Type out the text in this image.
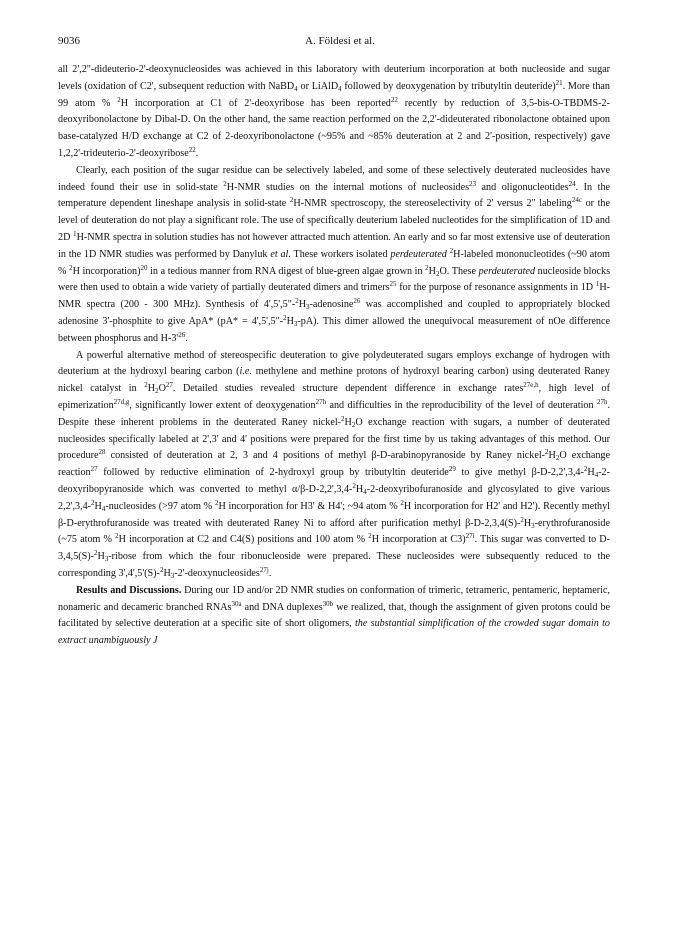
9036	A. Földesi et al.

all 2',2"-dideuterio-2'-deoxynucleosides was achieved in this laboratory with deuterium incorporation at both nucleoside and sugar levels (oxidation of C2', subsequent reduction with NaBD$_4$ or LiAlD$_4$ followed by deoxygenation by tributyltin deuteride)$^{21}$. More than 99 atom % $^2$H incorporation at C1 of 2'-deoxyribose has been reported$^{22}$ recently by reduction of 3,5-bis-O-TBDMS-2-deoxyribonolactone by Dibal-D. On the other hand, the same reaction performed on the 2,2'-dideuterated ribonolactone obtained upon base-catalyzed H/D exchange at C2 of 2-deoxyribonolactone (~95% and ~85% deuteration at 2 and 2'-position, respectively) gave 1,2,2'-trideuterio-2'-deoxyribose$^{22}$.

Clearly, each position of the sugar residue can be selectively labeled, and some of these selectively deuterated nucleosides have indeed found their use in solid-state $^2$H-NMR studies on the internal motions of nucleosides$^{23}$ and oligonucleotides$^{24}$. In the temperature dependent lineshape analysis in solid-state $^2$H-NMR spectroscopy, the stereoselectivity of 2' versus 2" labeling$^{24c}$ or the level of deuteration do not play a significant role. The use of specifically deuterium labeled nucleotides for the simplification of 1D and 2D $^1$H-NMR spectra in solution studies has not however attracted much attention. An early and so far most extensive use of deuteration in the 1D NMR studies was performed by Danyluk et al. These workers isolated perdeuterated $^2$H-labeled mononucleotides (~90 atom % $^2$H incorporation)$^{20}$ in a tedious manner from RNA digest of blue-green algae grown in $^2H_2O$. These perdeuterated nucleoside blocks were then used to obtain a wide variety of partially deuterated dimers and trimers$^{25}$ for the purpose of resonance assignments in 1D $^1$H-NMR spectra (200 - 300 MHz). Synthesis of $4',5',5"-^2H_3-adenosine^{26}$ was accomplished and coupled to appropriately blocked adenosine 3'-phosphite to give ApA* $(pA* = 4',5',5"-^2H_3-pA)$. This dimer allowed the unequivocal measurement of nOe difference between phosphorus and $H-3'^{26}$.

A powerful alternative method of stereospecific deuteration to give polydeuterated sugars employs exchange of hydrogen with deuterium at the hydroxyl bearing carbon (i.e. methylene and methine protons of hydroxyl bearing carbon) using deuterated Raney nickel catalyst in $^2H_2O^{27}$. Detailed studies revealed structure dependent difference in exchange rates$^{27e,h}$, high level of epimerization$^{27d,g}$, significantly lower extent of deoxygenation$^{27h}$ and difficulties in the reproducibility of the level of deuteration $^{27h}$. Despite these inherent problems in the deuterated Raney nickel-$^2H_2O$ exchange reaction with sugars, a number of deuterated nucleosides specifically labeled at 2',3' and 4' positions were prepared for the first time by us taking advantages of this method. Our procedure$^{28}$ consisted of deuteration at 2, 3 and 4 positions of methyl β-D-arabinopyranoside by Raney nickel-$^2H_2O$ exchange reaction$^{27}$ followed by reductive elimination of 2-hydroxyl group by tributyltin deuteride$^{29}$ to give methyl $\beta-D-2,2',3,4-^2H_4-2$-deoxyribopyranoside which was converted to methyl $\alpha/\beta-D-2,2',3,4-^2H_4-2$-deoxyribofuranoside and glycosylated to give various $2,2',3,4-^2H_4$-nucleosides (>97 atom % $^2$H incorporation for H3' & H4'; ~94 atom % $^2$H incorporation for H2' and H2'). Recently methyl β-D-erythrofuranoside was treated with deuterated Raney Ni to afford after purification methyl $\beta-D-2,3,4(S)-^2H_3$-erythrofuranoside (~75 atom % $^2$H incorporation at C2 and C4(S) positions and 100 atom % $^2$H incorporation at C3)$^{27i}$. This sugar was converted to $D-3,4,5(S)-^2H_3$-ribose from which the four ribonucleoside were prepared. These nucleosides were subsequently reduced to the corresponding $3',4',5'(S)-^2H_3-2'-deoxynucleosides^{27j}$.

Results and Discussions. During our 1D and/or 2D NMR studies on conformation of trimeric, tetrameric, pentameric, heptameric, nonameric and decameric branched RNAs$^{30a}$ and DNA duplexes$^{30b}$ we realized, that, though the assignment of given protons could be facilitated by selective deuteration at a specific site of short oligomers, the substantial simplification of the crowded sugar domain to extract unambiguously J
